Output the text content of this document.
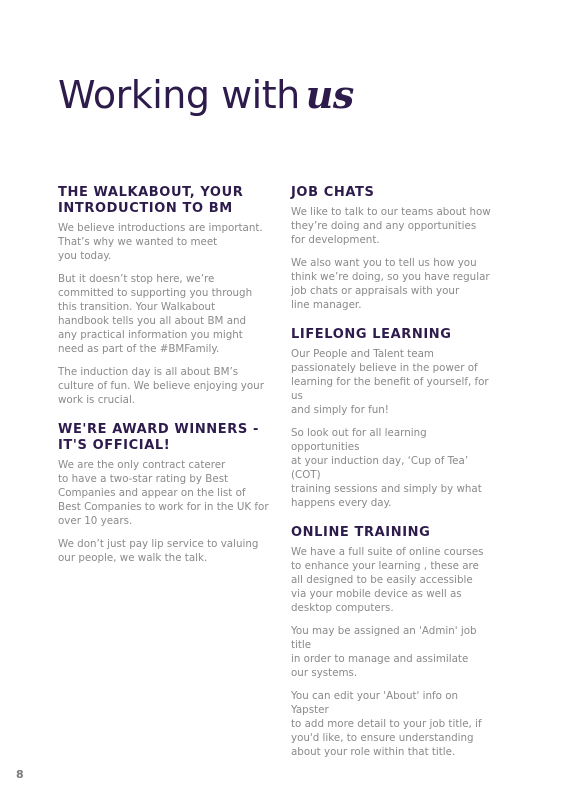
Working with us
THE WALKABOUT, YOUR
INTRODUCTION TO BM
We believe introductions are important.
That’s why we wanted to meet
you today.
But it doesn’t stop here, we’re
committed to supporting you through
this transition. Your Walkabout
handbook tells you all about BM and
any practical information you might
need as part of the #BMFamily.
The induction day is all about BM’s
culture of fun. We believe enjoying your
work is crucial.
WE'RE AWARD WINNERS -
IT'S OFFICIAL!
We are the only contract caterer
to have a two-star rating by Best
Companies and appear on the list of
Best Companies to work for in the UK for
over 10 years.
We don’t just pay lip service to valuing
our people, we walk the talk.
JOB CHATS
We like to talk to our teams about how
they’re doing and any opportunities
for development.
We also want you to tell us how you
think we’re doing, so you have regular
job chats or appraisals with your
line manager.
LIFELONG LEARNING
Our People and Talent team
passionately believe in the power of
learning for the benefit of yourself, for us
and simply for fun!
So look out for all learning opportunities
at your induction day, ‘Cup of Tea’ (COT)
training sessions and simply by what
happens every day.
ONLINE TRAINING
We have a full suite of online courses
to enhance your learning , these are
all designed to be easily accessible
via your mobile device as well as
desktop computers.
You may be assigned an 'Admin' job title
in order to manage and assimilate
our systems.
You can edit your 'About' info on Yapster
to add more detail to your job title, if
you'd like, to ensure understanding
about your role within that title.
8
